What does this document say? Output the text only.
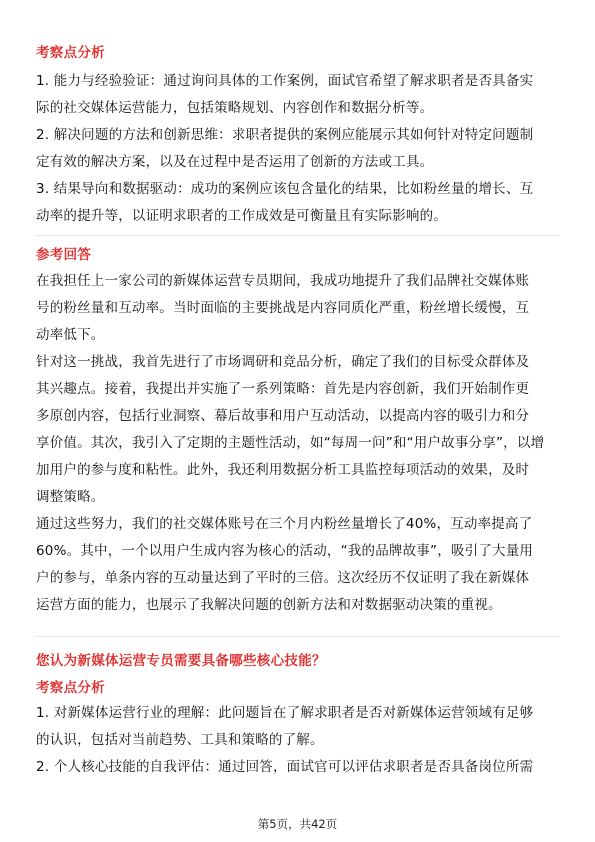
考察点分析
1. 能力与经验验证：通过询问具体的工作案例，面试官希望了解求职者是否具备实
际的社交媒体运营能力，包括策略规划、内容创作和数据分析等。
2. 解决问题的方法和创新思维：求职者提供的案例应能展示其如何针对特定问题制
定有效的解决方案，以及在过程中是否运用了创新的方法或工具。
3. 结果导向和数据驱动：成功的案例应该包含量化的结果，比如粉丝量的增长、互
动率的提升等，以证明求职者的工作成效是可衡量且有实际影响的。
参考回答
在我担任上一家公司的新媒体运营专员期间，我成功地提升了我们品牌社交媒体账
号的粉丝量和互动率。当时面临的主要挑战是内容同质化严重，粉丝增长缓慢，互
动率低下。
针对这一挑战，我首先进行了市场调研和竞品分析，确定了我们的目标受众群体及
其兴趣点。接着，我提出并实施了一系列策略：首先是内容创新，我们开始制作更
多原创内容，包括行业洞察、幕后故事和用户互动活动，以提高内容的吸引力和分
享价值。其次，我引入了定期的主题性活动，如“每周一问”和“用户故事分享”，以增
加用户的参与度和粘性。此外，我还利用数据分析工具监控每项活动的效果，及时
调整策略。
通过这些努力，我们的社交媒体账号在三个月内粉丝量增长了40%，互动率提高了
60%。其中，一个以用户生成内容为核心的活动，“我的品牌故事”，吸引了大量用
户的参与，单条内容的互动量达到了平时的三倍。这次经历不仅证明了我在新媒体
运营方面的能力，也展示了我解决问题的创新方法和对数据驱动决策的重视。
您认为新媒体运营专员需要具备哪些核心技能？
考察点分析
1. 对新媒体运营行业的理解：此问题旨在了解求职者是否对新媒体运营领域有足够
的认识，包括对当前趋势、工具和策略的了解。
2. 个人核心技能的自我评估：通过回答，面试官可以评估求职者是否具备岗位所需
第5页，共42页
